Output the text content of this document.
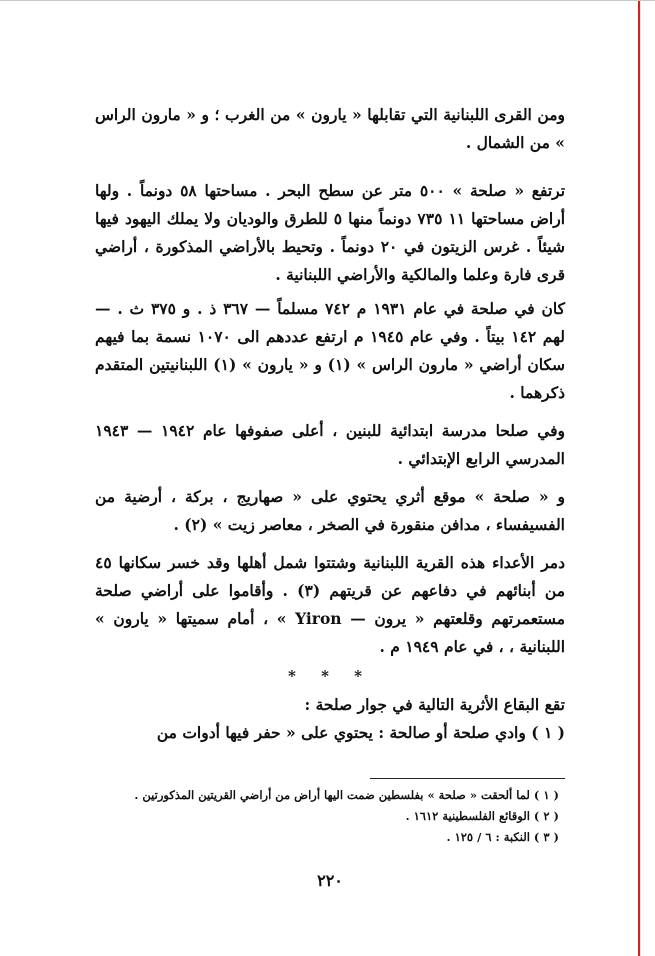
ومن القرى اللبنانية التي تقابلها « يارون » من الغرب ؛ و « مارون الراس » من الشمال .

ترتفع « صلحة » ٥٠٠ متر عن سطح البحر . مساحتها ٥٨ دونماً . ولها أراض مساحتها ١١ ٧٣٥ دونماً منها ٥ للطرق والوديان ولا يملك اليهود فيها شيئاً . غرس الزيتون في ٢٠ دونماً . وتحيط بالأراضي المذكورة ، أراضي قرى فارة وعلما والمالكية والأراضي اللبنانية .

كان في صلحة في عام ١٩٣١ م ٧٤٢ مسلماً — ٣٦٧ ذ . و ٣٧٥ ث . — لهم ١٤٢ بيتاً . وفي عام ١٩٤٥ م ارتفع عددهم الى ١٠٧٠ نسمة بما فيهم سكان أراضي « مارون الراس » (١) و « يارون » (١) اللبنانيتين المتقدم ذكرهما .

وفي صلحا مدرسة ابتدائية للبنين ، أعلى صفوفها عام ١٩٤٢ — ١٩٤٣ المدرسي الرابع الإبتدائي .

و « صلحة » موقع أثري يحتوي على « صهاريج ، بركة ، أرضية من الفسيفساء ، مدافن منقورة في الصخر ، معاصر زيت » (٢) .

دمر الأعداء هذه القرية اللبنانية وشتتوا شمل أهلها وقد خسر سكانها ٤٥ من أبنائهم في دفاعهم عن قريتهم (٣) . وأقاموا على أراضي صلحة مستعمرتهم وقلعتهم « يرون — Yiron » ، أمام سميتها « يارون » اللبنانية ، ، في عام ١٩٤٩ م .

* * *

تقع البقاع الأثرية التالية في جوار صلحة :

( ١ ) وادي صلحة أو صالحة : يحتوي على « حفر فيها أدوات من

( ١ ) لما ألحقت « صلحة » بفلسطين ضمت اليها أراض من أراضي القريتين المذكورتين .

( ٢ ) الوقائع الفلسطينية ١٦١٢ .

( ٣ ) النكبة : ٦ / ١٢٥ .

٢٢٠
